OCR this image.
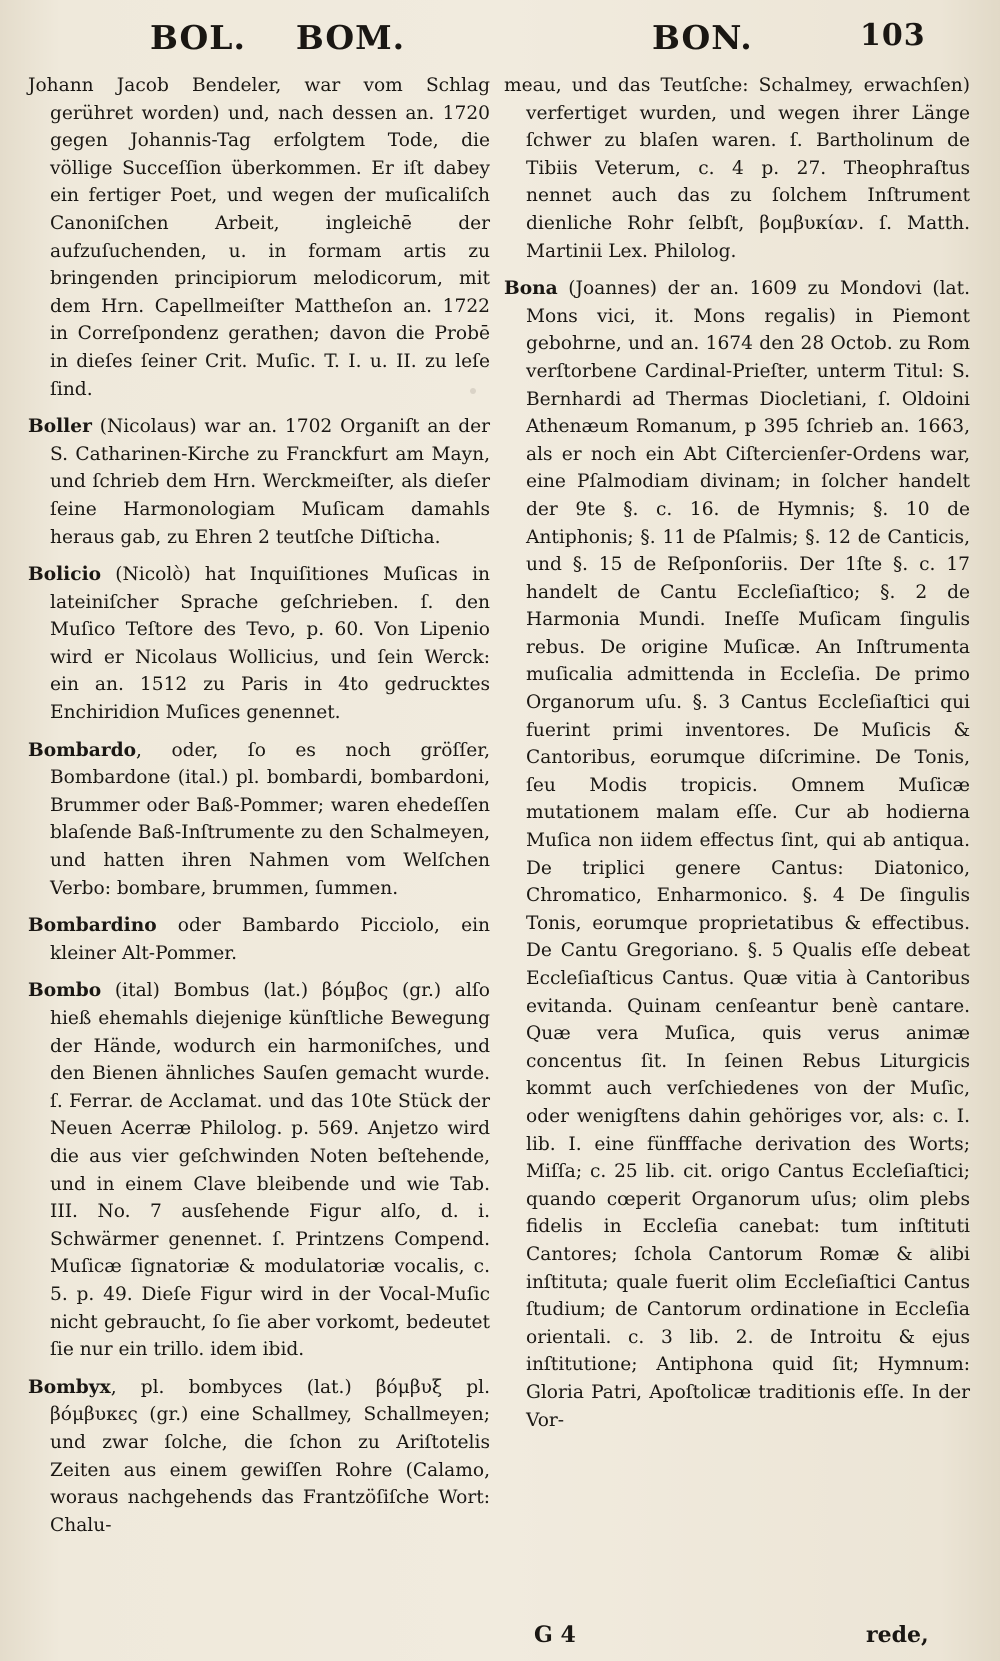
BOL.    BOM.	BON.	103

Johann Jacob Bendeler, war vom Schlag gerühret worden) und, nach dessen an. 1720 gegen Johannis-Tag erfolgtem Tode, die völlige Succeſſion überkommen. Er iſt dabey ein fertiger Poet, und wegen der muſicaliſch Canoniſchen Arbeit, ingleichē der aufzuſuchenden, u. in formam artis zu bringenden principiorum melodicorum, mit dem Hrn. Capellmeiſter Mattheſon an. 1722 in Correſpondenz gerathen; davon die Probē in dieſes ſeiner Crit. Muſic. T. I. u. II. zu leſe ſind.

Boller (Nicolaus) war an. 1702 Organiſt an der S. Catharinen-Kirche zu Franckfurt am Mayn, und ſchrieb dem Hrn. Werckmeiſter, als dieſer ſeine Harmonologiam Muſicam damahls heraus gab, zu Ehren 2 teutſche Diſticha.

Bolicio (Nicolò) hat Inquiſitiones Muſicas in lateiniſcher Sprache geſchrieben. ſ. den Muſico Teſtore des Tevo, p. 60. Von Lipenio wird er Nicolaus Wollicius, und ſein Werck: ein an. 1512 zu Paris in 4to gedrucktes Enchiridion Muſices genennet.

Bombardo, oder, ſo es noch gröſſer, Bombardone (ital.) pl. bombardi, bombardoni, Brummer oder Baß-Pommer; waren ehedeſſen blaſende Baß-Inſtrumente zu den Schalmeyen, und hatten ihren Nahmen vom Welſchen Verbo: bombare, brummen, ſummen.

Bombardino oder Bambardo Picciolo, ein kleiner Alt-Pommer.

Bombo (ital) Bombus (lat.) βόμβος (gr.) alſo hieß ehemahls diejenige künſtliche Bewegung der Hände, wodurch ein harmoniſches, und den Bienen ähnliches Sauſen gemacht wurde. ſ. Ferrar. de Acclamat. und das 10te Stück der Neuen Acerræ Philolog. p. 569. Anjetzo wird die aus vier geſchwinden Noten beſtehende, und in einem Clave bleibende und wie Tab. III. No. 7 ausſehende Figur alſo, d. i. Schwärmer genennet. ſ. Printzens Compend. Muſicæ ſignatoriæ & modulatoriæ vocalis, c. 5. p. 49. Dieſe Figur wird in der Vocal-Muſic nicht gebraucht, ſo ſie aber vorkomt, bedeutet ſie nur ein trillo. idem ibid.

Bombyx, pl. bombyces (lat.) βόμβυξ pl. βόμβυκες (gr.) eine Schallmey, Schallmeyen; und zwar ſolche, die ſchon zu Ariſtotelis Zeiten aus einem gewiſſen Rohre (Calamo, woraus nachgehends das Frantzöſiſche Wort: Chalu-

meau, und das Teutſche: Schalmey, erwachſen) verfertiget wurden, und wegen ihrer Länge ſchwer zu blaſen waren. ſ. Bartholinum de Tibiis Veterum, c. 4 p. 27. Theophraſtus nennet auch das zu ſolchem Inſtrument dienliche Rohr ſelbſt, βομβυκίαν. ſ. Matth. Martinii Lex. Philolog.

Bona (Joannes) der an. 1609 zu Mondovi (lat. Mons vici, it. Mons regalis) in Piemont gebohrne, und an. 1674 den 28 Octob. zu Rom verſtorbene Cardinal-Prieſter, unterm Titul: S. Bernhardi ad Thermas Diocletiani, ſ. Oldoini Athenæum Romanum, p 395 ſchrieb an. 1663, als er noch ein Abt Ciſtercienſer-Ordens war, eine Pſalmodiam divinam; in ſolcher handelt der 9te §. c. 16. de Hymnis; §. 10 de Antiphonis; §. 11 de Pſalmis; §. 12 de Canticis, und §. 15 de Reſponſoriis. Der 1ſte §. c. 17 handelt de Cantu Eccleſiaſtico; §. 2 de Harmonia Mundi. Ineſſe Muſicam ſingulis rebus. De origine Muſicæ. An Inſtrumenta muſicalia admittenda in Eccleſia. De primo Organorum uſu. §. 3 Cantus Eccleſiaſtici qui fuerint primi inventores. De Muſicis & Cantoribus, eorumque diſcrimine. De Tonis, ſeu Modis tropicis. Omnem Muſicæ mutationem malam eſſe. Cur ab hodierna Muſica non iidem effectus ſint, qui ab antiqua. De triplici genere Cantus: Diatonico, Chromatico, Enharmonico. §. 4 De ſingulis Tonis, eorumque proprietatibus & effectibus. De Cantu Gregoriano. §. 5 Qualis eſſe debeat Eccleſiaſticus Cantus. Quæ vitia à Cantoribus evitanda. Quinam cenſeantur benè cantare. Quæ vera Muſica, quis verus animæ concentus ſit. In ſeinen Rebus Liturgicis kommt auch verſchiedenes von der Muſic, oder wenigſtens dahin gehöriges vor, als: c. I. lib. I. eine fünfffache derivation des Worts; Miſſa; c. 25 lib. cit. origo Cantus Eccleſiaſtici; quando cœperit Organorum uſus; olim plebs fidelis in Eccleſia canebat: tum inſtituti Cantores; ſchola Cantorum Romæ & alibi inſtituta; quale fuerit olim Eccleſiaſtici Cantus ſtudium; de Cantorum ordinatione in Eccleſia orientali. c. 3 lib. 2. de Introitu & ejus inſtitutione; Antiphona quid ſit; Hymnum: Gloria Patri, Apoſtolicæ traditionis eſſe. In der Vor-

G 4	rede,
